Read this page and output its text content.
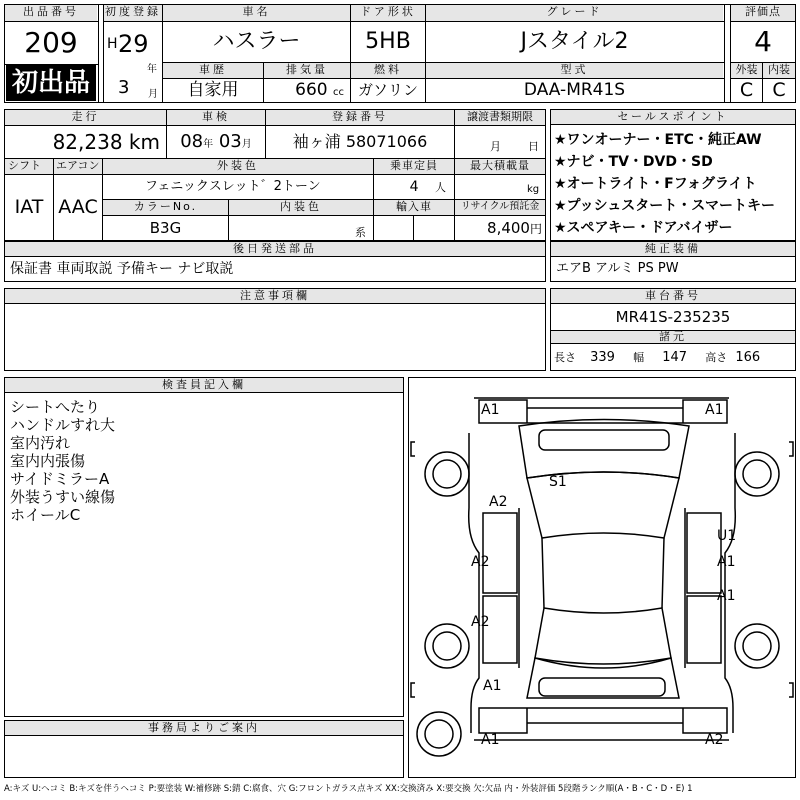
出品番号
209
初出品
初度登録
H 29
年
3	月
車名
ハスラー
ドア形状
5HB
グレード
Jスタイル2
評価点
4
車歴
自家用
排気量
660 cc
燃料
ガソリン
型式
DAA-MR41S
外装 内装
C	C
走行
82,238 km
車検
08年 03月
登録番号
袖ヶ浦 58071066
譲渡書類期限
月 日
シフト	エアコン
IAT AAC
外装色
フェニックスレット゛2トーン
乗車定員
4 人
最大積載量
kg
カラーNo.
B3G
内装色
系
輸入車	リサイクル預託金
8,400円
セールスポイント
★ワンオーナー・ETC・純正AW
★ナビ・TV・DVD・SD
★オートライト・Fフォグライト
★プッシュスタート・スマートキー
★スペアキー・ドアバイザー
後日発送部品
保証書 車両取説 予備キー ナビ取説
純正装備
エアB アルミ PS PW
注意事項欄	車台番号
MR41S-235235
諸元
長さ 339 幅 147 高さ 166
検査員記入欄
シートへたり
ハンドルすれ大
室内汚れ
室内内張傷
サイドミラーA
外装うすい線傷
ホイールC
事務局よりご案内
A1	A1
S1
A2
A2
A2
U1
A1
A1
A1
A1	A2
A:キズ U:ヘコミ B:キズを伴うヘコミ P:要塗装 W:補修跡 S:錆 C:腐食、穴 G:フロントガラス点キズ XX:交換済み X:要交換 欠:欠品 内・外装評価 5段階ランク順(A・B・C・D・E) 1
